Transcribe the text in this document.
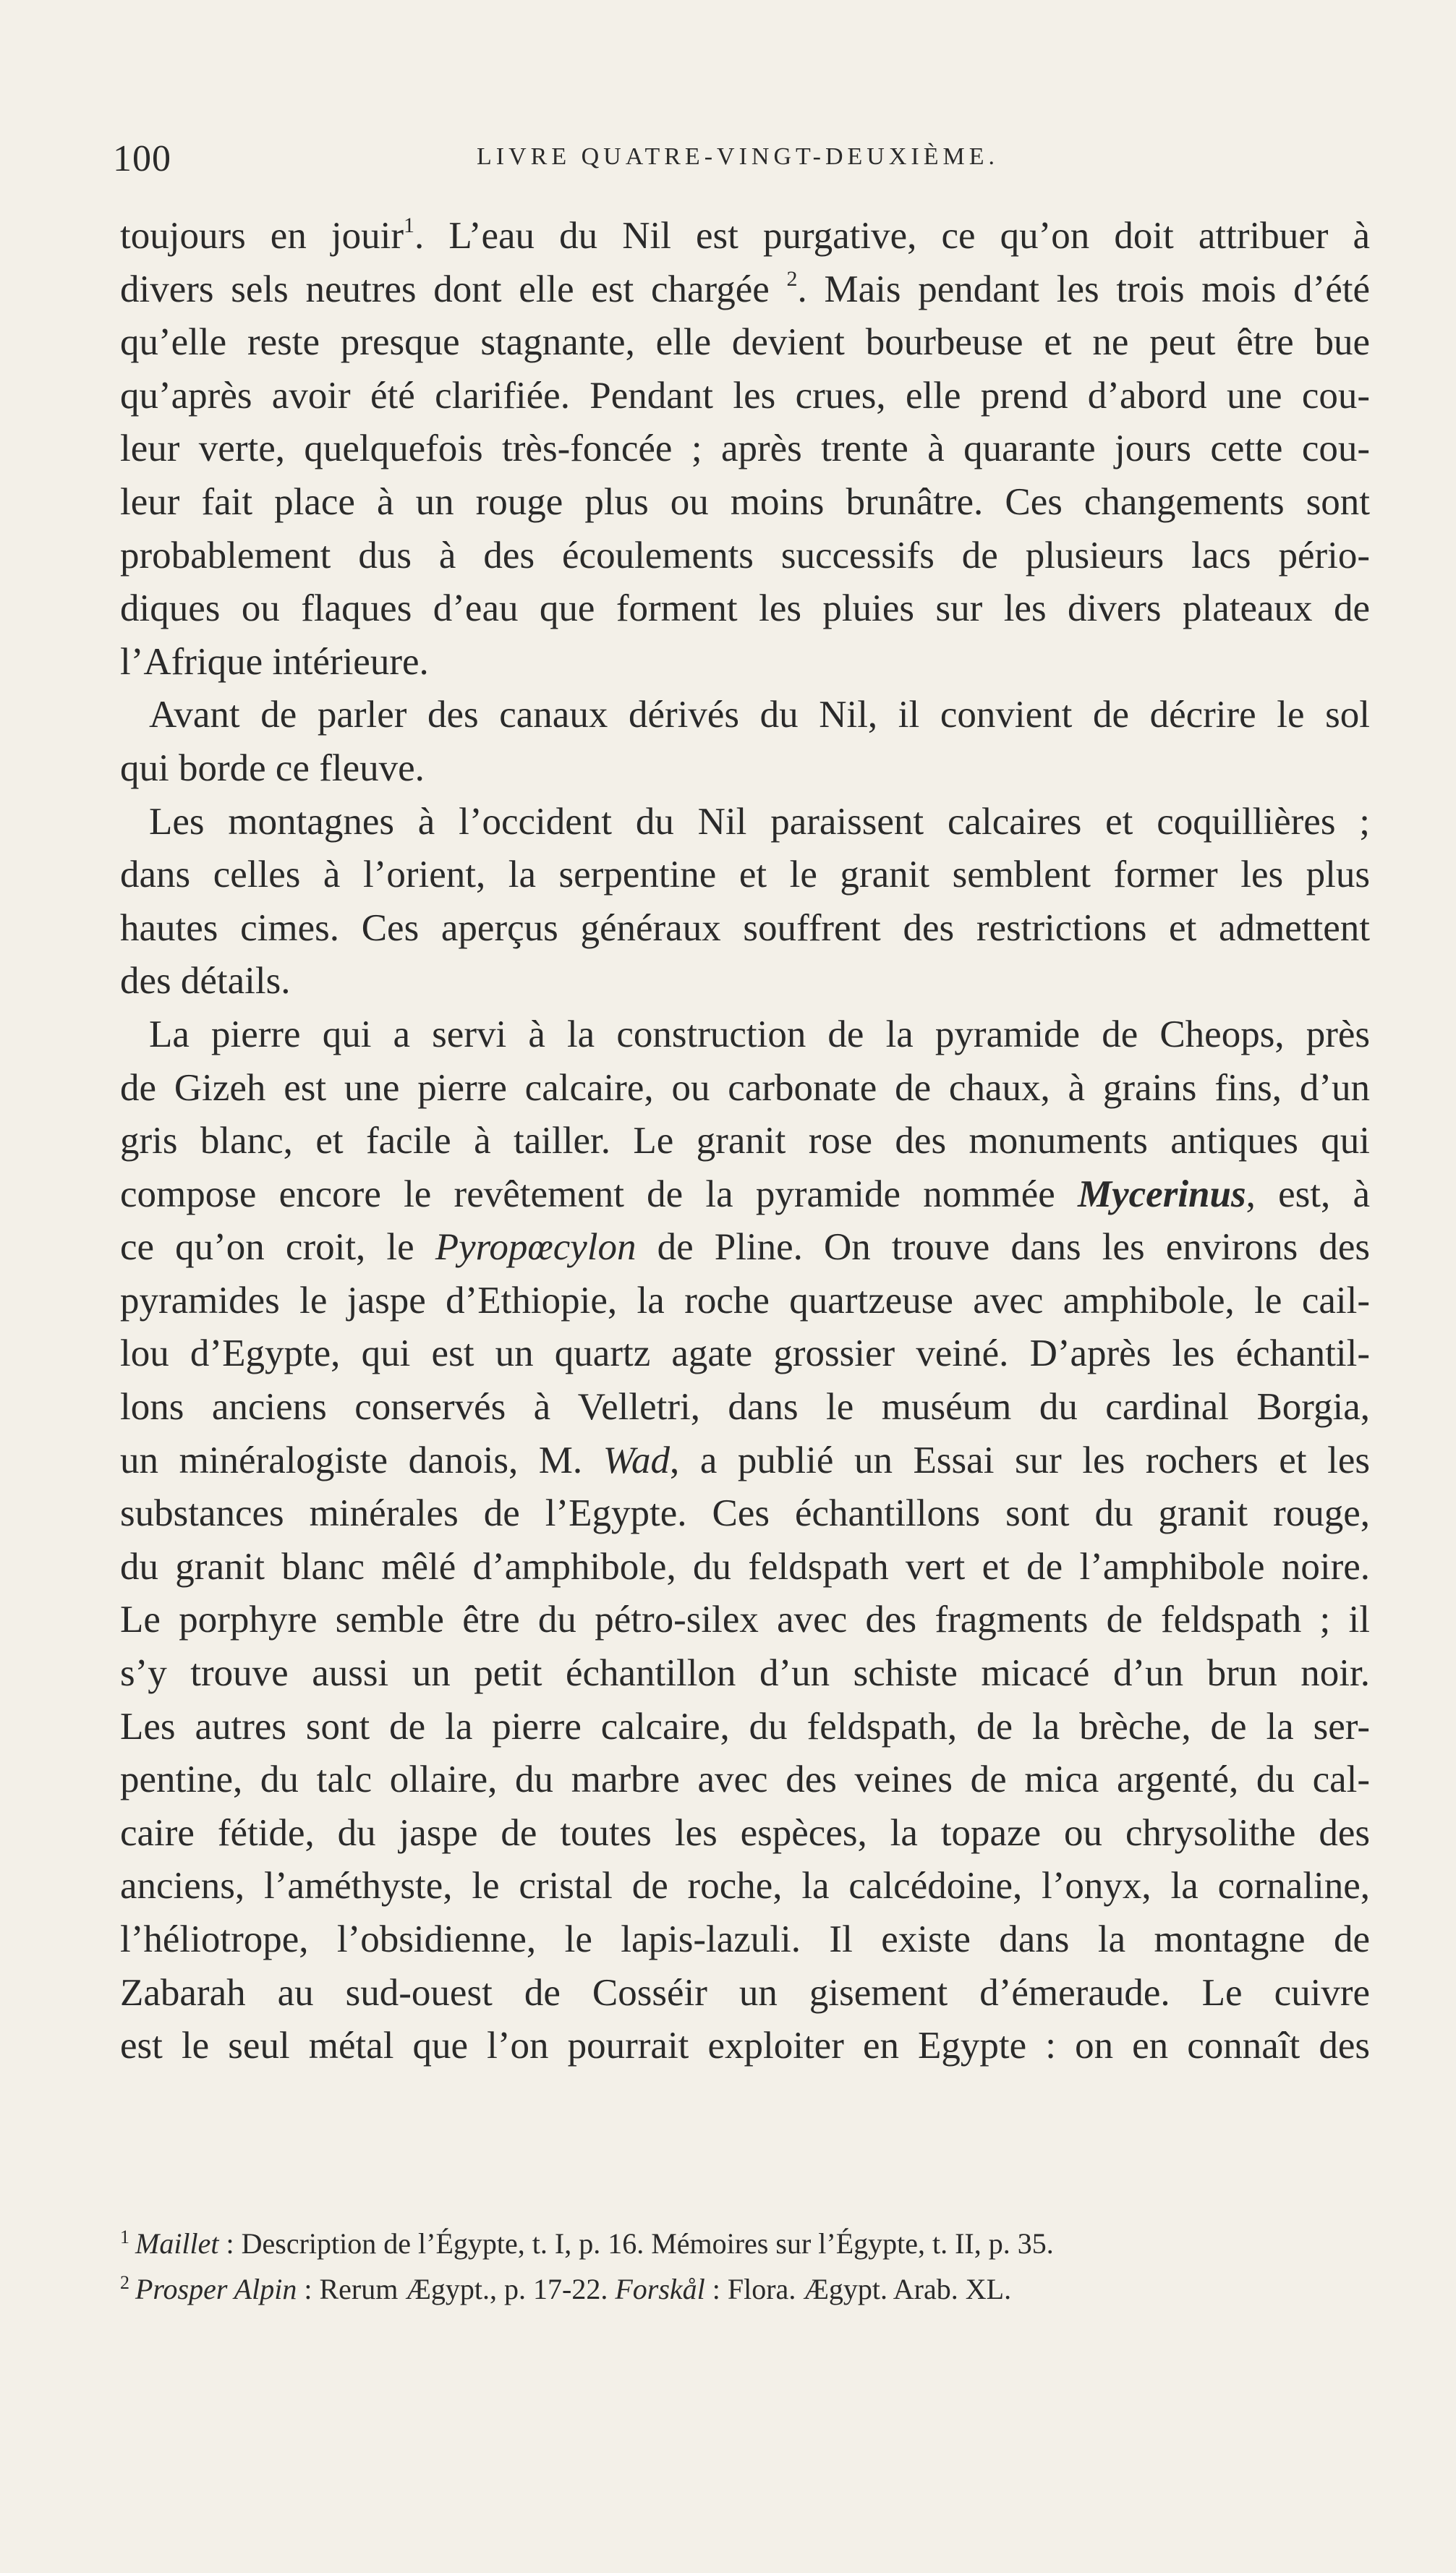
100	LIVRE QUATRE-VINGT-DEUXIÈME.
toujours en jouir$^1$. L’eau du Nil est purgative, ce qu’on doit attribuer à
divers sels neutres dont elle est chargée $^2$. Mais pendant les trois mois d’été
qu’elle reste presque stagnante, elle devient bourbeuse et ne peut être bue
qu’après avoir été clarifiée. Pendant les crues, elle prend d’abord une cou-
leur verte, quelquefois très-foncée ; après trente à quarante jours cette cou-
leur fait place à un rouge plus ou moins brunâtre. Ces changements sont
probablement dus à des écoulements successifs de plusieurs lacs pério-
diques ou flaques d’eau que forment les pluies sur les divers plateaux de
l’Afrique intérieure.
Avant de parler des canaux dérivés du Nil, il convient de décrire le sol
qui borde ce fleuve.
Les montagnes à l’occident du Nil paraissent calcaires et coquillières ;
dans celles à l’orient, la serpentine et le granit semblent former les plus
hautes cimes. Ces aperçus généraux souffrent des restrictions et admettent
des détails.
La pierre qui a servi à la construction de la pyramide de Cheops, près
de Gizeh est une pierre calcaire, ou carbonate de chaux, à grains fins, d’un
gris blanc, et facile à tailler. Le granit rose des monuments antiques qui
compose encore le revêtement de la pyramide nommée Mycerinus, est, à
ce qu’on croit, le Pyropœcylon de Pline. On trouve dans les environs des
pyramides le jaspe d’Ethiopie, la roche quartzeuse avec amphibole, le cail-
lou d’Egypte, qui est un quartz agate grossier veiné. D’après les échantil-
lons anciens conservés à Velletri, dans le muséum du cardinal Borgia,
un minéralogiste danois, M. Wad, a publié un Essai sur les rochers et les
substances minérales de l’Egypte. Ces échantillons sont du granit rouge,
du granit blanc mêlé d’amphibole, du feldspath vert et de l’amphibole noire.
Le porphyre semble être du pétro-silex avec des fragments de feldspath ; il
s’y trouve aussi un petit échantillon d’un schiste micacé d’un brun noir.
Les autres sont de la pierre calcaire, du feldspath, de la brèche, de la ser-
pentine, du talc ollaire, du marbre avec des veines de mica argenté, du cal-
caire fétide, du jaspe de toutes les espèces, la topaze ou chrysolithe des
anciens, l’améthyste, le cristal de roche, la calcédoine, l’onyx, la cornaline,
l’héliotrope, l’obsidienne, le lapis-lazuli. Il existe dans la montagne de
Zabarah au sud-ouest de Cosséir un gisement d’émeraude. Le cuivre
est le seul métal que l’on pourrait exploiter en Egypte : on en connaît des
$^1$ Maillet : Description de l’Égypte, t. I, p. 16. Mémoires sur l’Égypte, t. II, p. 35.
$^2$ Prosper Alpin : Rerum Ægypt., p. 17-22. Forskål : Flora. Ægypt. Arab. XL.
